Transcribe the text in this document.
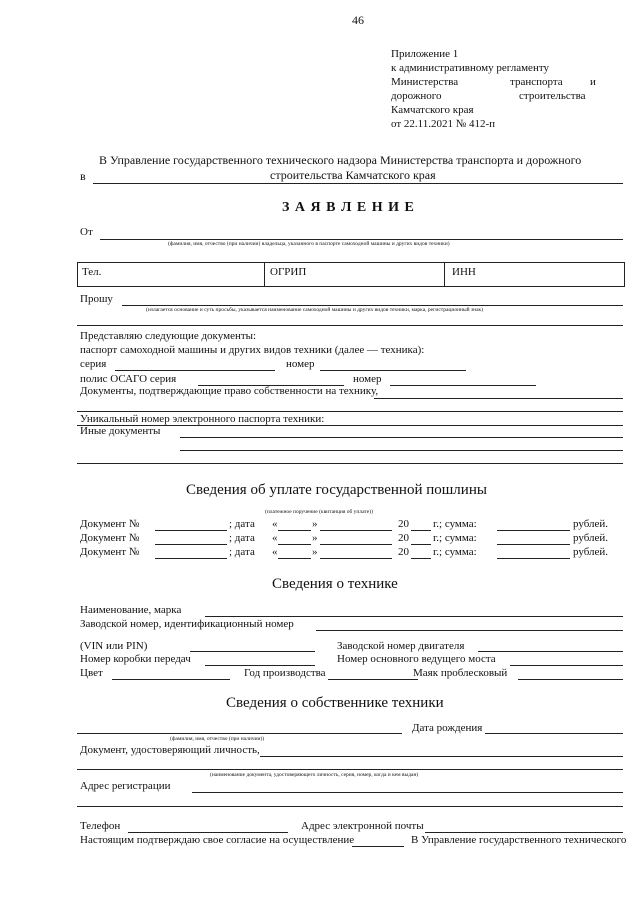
46
Приложение 1
к административному регламенту
Министерства	транспорта и
дорожного	строительства
Камчатского края
от 22.11.2021 № 412-п
В Управление государственного технического надзора Министерства транспорта и дорожного
в	строительства Камчатского края
З А Я В Л Е Н И Е
От
(фамилия, имя, отчество (при наличии) владельца, указанного в паспорте самоходной машины и других видов техники)
Тел.	ОГРИП	ИНН
Прошу
(излагается основание и суть просьбы, указывается наименование самоходной машины и других видов техники, марка, регистрационный знак)
Представляю следующие документы:
паспорт самоходной машины и других видов техники (далее — техника):
серия	номер
полис ОСАГО серия	номер
Документы, подтверждающие право собственности на технику,
Уникальный номер электронного паспорта техники:
Иные документы
Сведения об уплате государственной пошлины
(платежное поручение (квитанция об уплате))
Документ №	; дата «	»	20 г.; сумма:	рублей.
Документ №	; дата «	»	20 г.; сумма:	рублей.
Документ №	; дата «	»	20 г.; сумма:	рублей.
Сведения о технике
Наименование, марка
Заводской номер, идентификационный номер
(VIN или PIN)	Заводской номер двигателя
Номер коробки передач	Номер основного ведущего моста
Цвет	Год производства	Маяк проблесковый
Сведения о собственнике техники
Дата рождения
(фамилия, имя, отчество (при наличии))
Документ, удостоверяющий личность,
(наименование документа, удостоверяющего личность, серия, номер, когда и кем выдан)
Адрес регистрации
Телефон	Адрес электронной почты
Настоящим подтверждаю свое согласие на осуществление	В Управление государственного технического
